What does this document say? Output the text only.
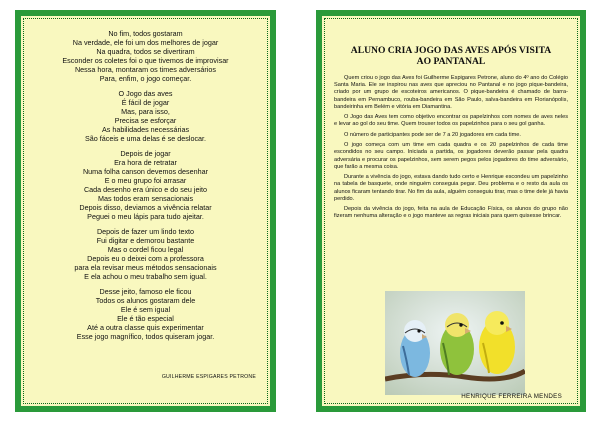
No fim, todos gostaram
Na verdade, ele foi um dos melhores de jogar
Na quadra, todos se divertiram
Esconder os coletes foi o que tivemos de improvisar
Nessa hora, montaram os times adversários
Para, enfim, o jogo começar.
O Jogo das aves
É fácil de jogar
Mas, para isso,
Precisa se esforçar
As habilidades necessárias
São fáceis e uma delas é se deslocar.
Depois de jogar
Era hora de retratar
Numa folha canson devemos desenhar
E o meu grupo foi arrasar
Cada desenho era único e do seu jeito
Mas todos eram sensacionais
Depois disso, deviamos a vivência relatar
Peguei o meu lápis para tudo ajeitar.
Depois de fazer um lindo texto
Fui digitar e demorou bastante
Mas o cordel ficou legal
Depois eu o deixei com a professora
para ela revisar meus métodos sensacionais
E ela achou o meu trabalho sem igual.
Desse jeito, famoso ele ficou
Todos os alunos gostaram dele
Ele é sem igual
Ele é tão especial
Até a outra classe quis experimentar
Esse jogo magnífico, todos quiseram jogar.
GUILHERME ESPIGARES PETRONE
ALUNO CRIA JOGO DAS AVES APÓS VISITA
AO PANTANAL

Quem criou o jogo das Aves foi Guilherme Espigares Petrone, aluno do 4º ano do Colégio Santa Maria. Ele se inspirou nas aves que apreciou no Pantanal e no jogo pique-bandeira, criado por um grupo de escoteiros americanos. O pique-bandeira é chamado de barra-bandeira em Pernambuco, rouba-bandeira em São Paulo, salva-bandeira em Florianópolis, bandeirinha em Belém e vitória em Diamantina.

O Jogo das Aves tem como objetivo encontrar os papelzinhos com nomes de aves neles e levar ao gol do seu time. Quem trouxer todos os papelzinhos para o seu gol ganha.

O número de participantes pode ser de 7 a 20 jogadores em cada time.

O jogo começa com um time em cada quadra e os 20 papelzinhos de cada time escondidos no seu campo. Iniciada a partida, os jogadores deverão passar pela quadra adversária e procurar os papelzinhos, sem serem pegos pelos jogadores do time adversário, que farão a mesma coisa.

Durante a vivência do jogo, estava dando tudo certo e Henrique escondeu um papelzinho na tabela de basquete, onde ninguém conseguia pegar. Deu problema e o resto da aula os alunos ficaram tentando tirar. No fim da aula, alguém conseguiu tirar, mas o time dele já havia perdido.

Depois da vivência do jogo, feita na aula de Educação Física, os alunos do grupo não fizeram nenhuma alteração e o jogo manteve as regras iniciais para quem quisesse brincar.

HENRIQUE FERREIRA MENDES
